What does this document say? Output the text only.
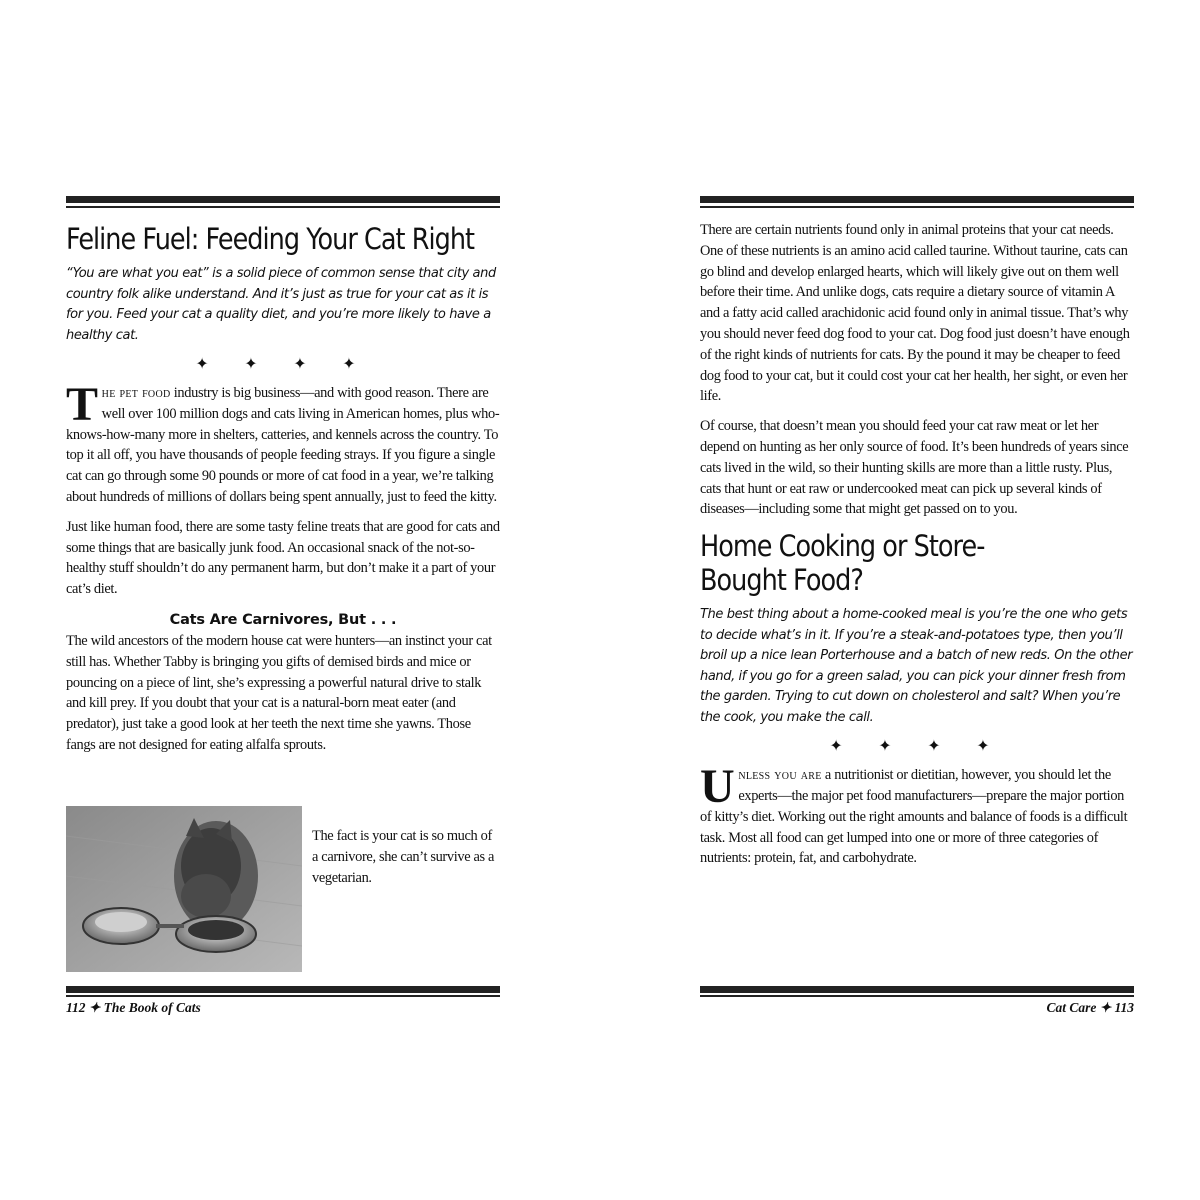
Feline Fuel: Feeding Your Cat Right

“You are what you eat” is a solid piece of common sense that city and country folk alike understand. And it’s just as true for your cat as it is for you. Feed your cat a quality diet, and you’re more likely to have a healthy cat.

✦ ✦ ✦ ✦

The pet food industry is big business—and with good reason. There are well over 100 million dogs and cats living in American homes, plus who-knows-how-many more in shelters, catteries, and kennels across the country. To top it all off, you have thousands of people feeding strays. If you figure a single cat can go through some 90 pounds or more of cat food in a year, we’re talking about hundreds of millions of dollars being spent annually, just to feed the kitty.

Just like human food, there are some tasty feline treats that are good for cats and some things that are basically junk food. An occasional snack of the not-so-healthy stuff shouldn’t do any permanent harm, but don’t make it a part of your cat’s diet.

Cats Are Carnivores, But . . .

The wild ancestors of the modern house cat were hunters—an instinct your cat still has. Whether Tabby is bringing you gifts of demised birds and mice or pouncing on a piece of lint, she’s expressing a powerful natural drive to stalk and kill prey. If you doubt that your cat is a natural-born meat eater (and predator), just take a good look at her teeth the next time she yawns. Those fangs are not designed for eating alfalfa sprouts.

The fact is your cat is so much of a carnivore, she can’t survive as a vegetarian.

112 ✦ The Book of Cats

There are certain nutrients found only in animal proteins that your cat needs. One of these nutrients is an amino acid called taurine. Without taurine, cats can go blind and develop enlarged hearts, which will likely give out on them well before their time. And unlike dogs, cats require a dietary source of vitamin A and a fatty acid called arachidonic acid found only in animal tissue. That’s why you should never feed dog food to your cat. Dog food just doesn’t have enough of the right kinds of nutrients for cats. By the pound it may be cheaper to feed dog food to your cat, but it could cost your cat her health, her sight, or even her life.

Of course, that doesn’t mean you should feed your cat raw meat or let her depend on hunting as her only source of food. It’s been hundreds of years since cats lived in the wild, so their hunting skills are more than a little rusty. Plus, cats that hunt or eat raw or undercooked meat can pick up several kinds of diseases—including some that might get passed on to you.

Home Cooking or Store-Bought Food?

The best thing about a home-cooked meal is you’re the one who gets to decide what’s in it. If you’re a steak-and-potatoes type, then you’ll broil up a nice lean Porterhouse and a batch of new reds. On the other hand, if you go for a green salad, you can pick your dinner fresh from the garden. Trying to cut down on cholesterol and salt? When you’re the cook, you make the call.

✦ ✦ ✦ ✦

Unless you are a nutritionist or dietitian, however, you should let the experts—the major pet food manufacturers—prepare the major portion of kitty’s diet. Working out the right amounts and balance of foods is a difficult task. Most all food can get lumped into one or more of three categories of nutrients: protein, fat, and carbohydrate.

Cat Care ✦ 113
